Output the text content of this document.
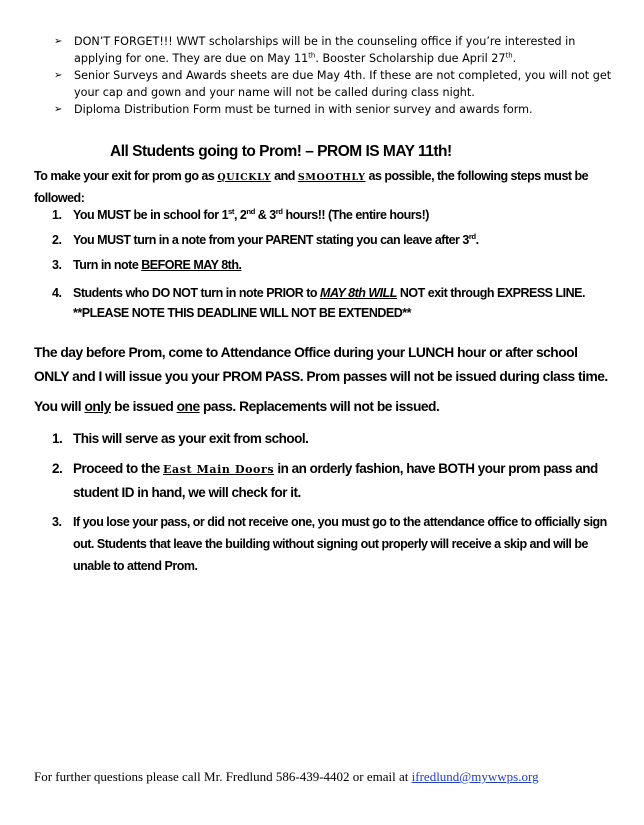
➢ DON’T FORGET!!! WWT scholarships will be in the counseling office if you’re interested in applying for one. They are due on May 11th. Booster Scholarship due April 27th.

➢ Senior Surveys and Awards sheets are due May 4th. If these are not completed, you will not get your cap and gown and your name will not be called during class night.

➢ Diploma Distribution Form must be turned in with senior survey and awards form.

All Students going to Prom! – PROM IS MAY 11th!
To make your exit for prom go as QUICKLY and SMOOTHLY as possible, the following steps must be followed:
1. You MUST be in school for 1st, 2nd & 3rd hours!! (The entire hours!)
2. You MUST turn in a note from your PARENT stating you can leave after 3rd.
3. Turn in note BEFORE MAY 8th.
4. Students who DO NOT turn in note PRIOR to MAY 8th WILL NOT exit through EXPRESS LINE.
**PLEASE NOTE THIS DEADLINE WILL NOT BE EXTENDED**
The day before Prom, come to Attendance Office during your LUNCH hour or after school ONLY and I will issue you your PROM PASS. Prom passes will not be issued during class time.
You will only be issued one pass. Replacements will not be issued.
1. This will serve as your exit from school.
2. Proceed to the East Main Doors in an orderly fashion, have BOTH your prom pass and student ID in hand, we will check for it.
3. If you lose your pass, or did not receive one, you must go to the attendance office to officially sign out. Students that leave the building without signing out properly will receive a skip and will be unable to attend Prom.
For further questions please call Mr. Fredlund 586-439-4402 or email at ifredlund@mywwps.org
